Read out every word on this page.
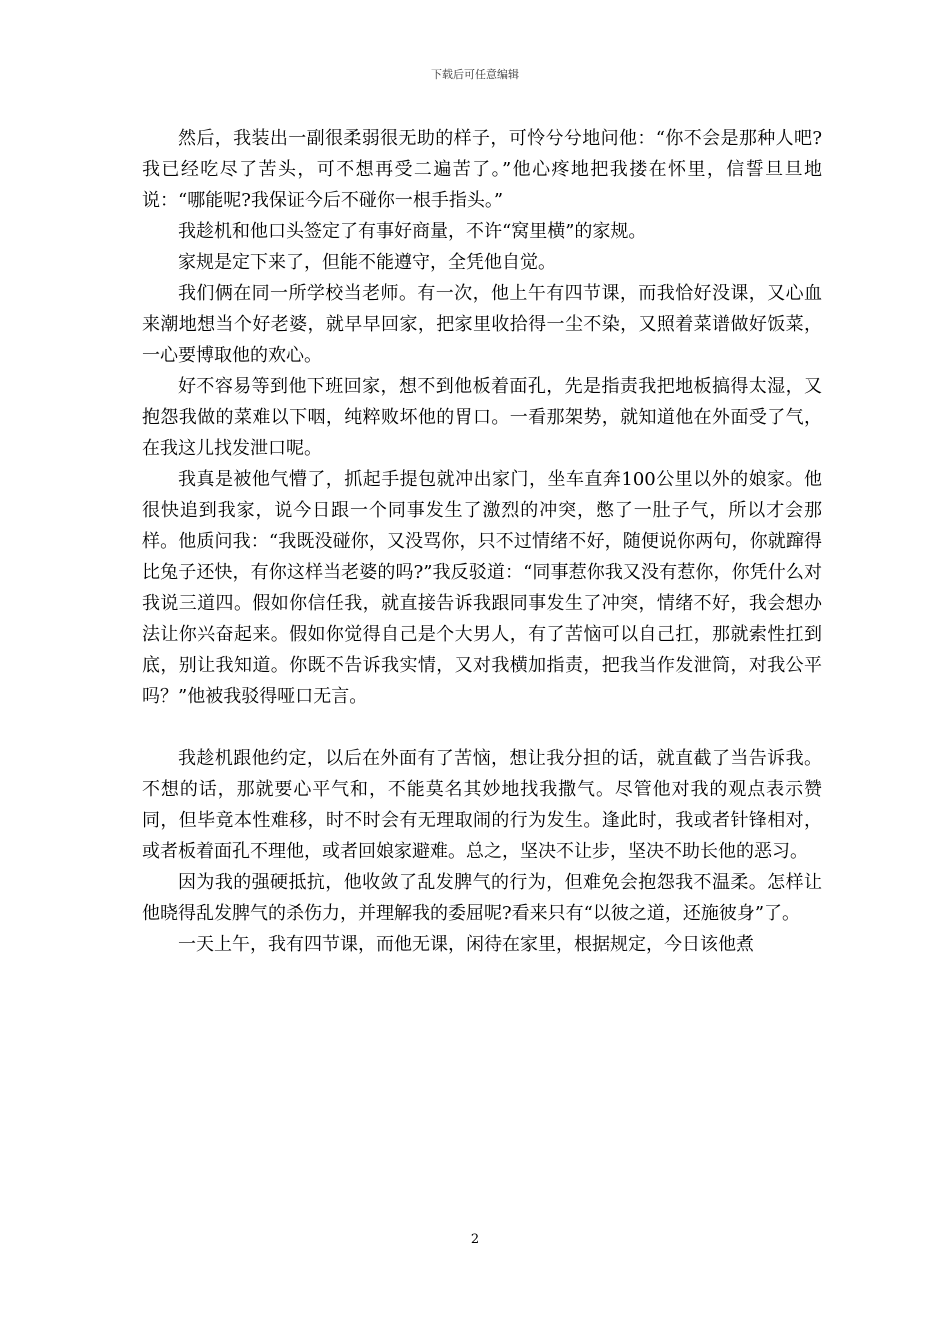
下载后可任意编辑

然后，我装出一副很柔弱很无助的样子，可怜兮兮地问他：“你不会是那种人吧?我已经吃尽了苦头，可不想再受二遍苦了。”他心疼地把我搂在怀里，信誓旦旦地说：“哪能呢?我保证今后不碰你一根手指头。”

我趁机和他口头签定了有事好商量，不许“窝里横”的家规。

家规是定下来了，但能不能遵守，全凭他自觉。

我们俩在同一所学校当老师。有一次，他上午有四节课，而我恰好没课，又心血来潮地想当个好老婆，就早早回家，把家里收拾得一尘不染，又照着菜谱做好饭菜，一心要博取他的欢心。

好不容易等到他下班回家，想不到他板着面孔，先是指责我把地板搞得太湿，又抱怨我做的菜难以下咽，纯粹败坏他的胃口。一看那架势，就知道他在外面受了气，在我这儿找发泄口呢。

我真是被他气懵了，抓起手提包就冲出家门，坐车直奔100公里以外的娘家。他很快追到我家，说今日跟一个同事发生了激烈的冲突，憋了一肚子气，所以才会那样。他质问我：“我既没碰你，又没骂你，只不过情绪不好，随便说你两句，你就蹿得比兔子还快，有你这样当老婆的吗?”我反驳道：“同事惹你我又没有惹你，你凭什么对我说三道四。假如你信任我，就直接告诉我跟同事发生了冲突，情绪不好，我会想办法让你兴奋起来。假如你觉得自己是个大男人，有了苦恼可以自己扛，那就索性扛到底，别让我知道。你既不告诉我实情，又对我横加指责，把我当作发泄筒，对我公平吗？”他被我驳得哑口无言。

我趁机跟他约定，以后在外面有了苦恼，想让我分担的话，就直截了当告诉我。不想的话，那就要心平气和，不能莫名其妙地找我撒气。尽管他对我的观点表示赞同，但毕竟本性难移，时不时会有无理取闹的行为发生。逢此时，我或者针锋相对，或者板着面孔不理他，或者回娘家避难。总之，坚决不让步，坚决不助长他的恶习。

因为我的强硬抵抗，他收敛了乱发脾气的行为，但难免会抱怨我不温柔。怎样让他晓得乱发脾气的杀伤力，并理解我的委屈呢?看来只有“以彼之道，还施彼身”了。

一天上午，我有四节课，而他无课，闲待在家里，根据规定，今日该他煮

2
